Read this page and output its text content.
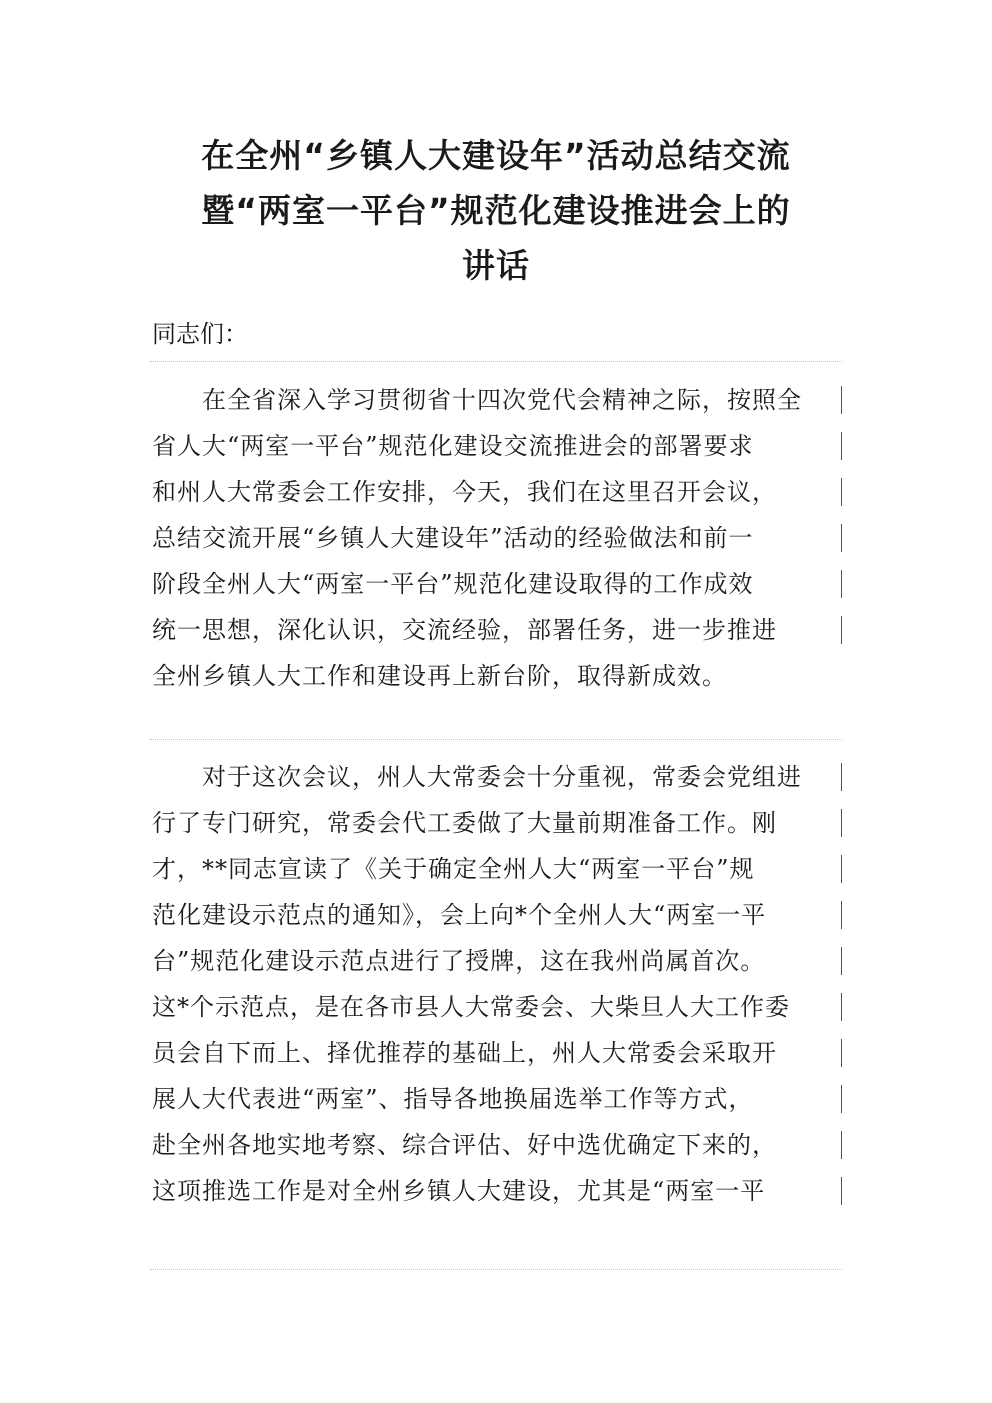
在全州“乡镇人大建设年”活动总结交流
暨“两室一平台”规范化建设推进会上的
讲话

同志们：

　　在全省深入学习贯彻省十四次党代会精神之际，按照全
省人大“两室一平台”规范化建设交流推进会的部署要求
和州人大常委会工作安排，今天，我们在这里召开会议，
总结交流开展“乡镇人大建设年”活动的经验做法和前一
阶段全州人大“两室一平台”规范化建设取得的工作成效
统一思想，深化认识，交流经验，部署任务，进一步推进
全州乡镇人大工作和建设再上新台阶，取得新成效。

　　对于这次会议，州人大常委会十分重视，常委会党组进
行了专门研究，常委会代工委做了大量前期准备工作。刚
才，**同志宣读了《关于确定全州人大“两室一平台”规
范化建设示范点的通知》，会上向*个全州人大“两室一平
台”规范化建设示范点进行了授牌，这在我州尚属首次。
这*个示范点，是在各市县人大常委会、大柴旦人大工作委
员会自下而上、择优推荐的基础上，州人大常委会采取开
展人大代表进“两室”、指导各地换届选举工作等方式，
赴全州各地实地考察、综合评估、好中选优确定下来的，
这项推选工作是对全州乡镇人大建设，尤其是“两室一平
